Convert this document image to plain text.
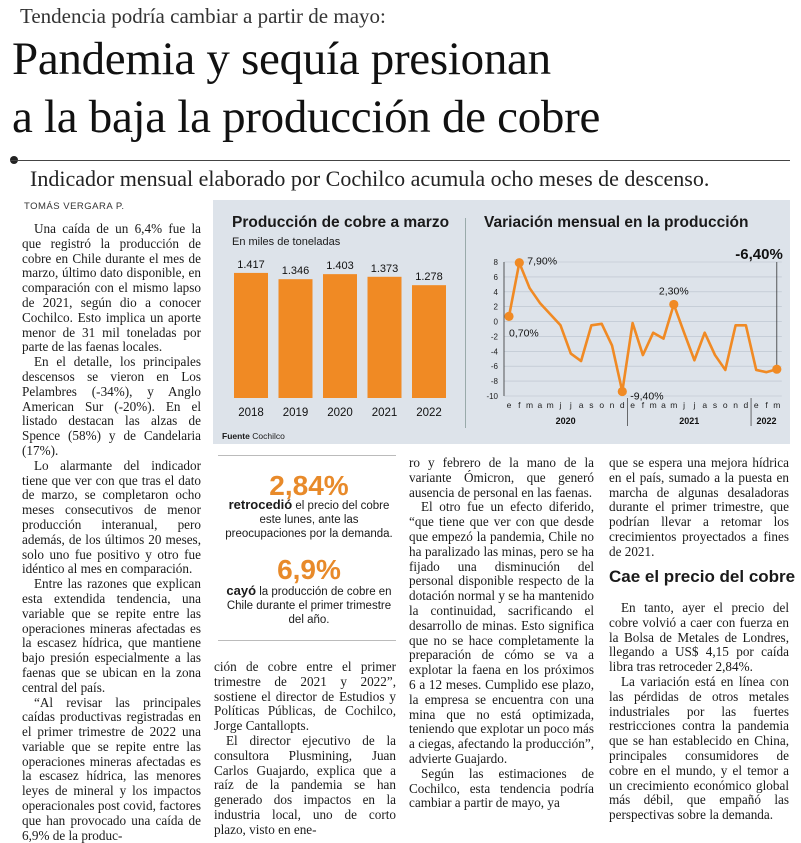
Tendencia podría cambiar a partir de mayo:
Pandemia y sequía presionan
a la baja la producción de cobre
Indicador mensual elaborado por Cochilco acumula ocho meses de descenso.
TOMÁS VERGARA P.

Una caída de un 6,4% fue la que registró la producción de cobre en Chile durante el mes de marzo, último dato disponible, en comparación con el mismo lapso de 2021, según dio a conocer Cochilco. Esto implica un aporte menor de 31 mil toneladas por parte de las faenas locales.

En el detalle, los principales descensos se vieron en Los Pelambres (-34%), y Anglo American Sur (-20%). En el listado destacan las alzas de Spence (58%) y de Candelaria (17%).

Lo alarmante del indicador tiene que ver con que tras el dato de marzo, se completaron ocho meses consecutivos de menor producción interanual, pero además, de los últimos 20 meses, solo uno fue positivo y otro fue idéntico al mes en comparación.

Entre las razones que explican esta extendida tendencia, una variable que se repite entre las operaciones mineras afectadas es la escasez hídrica, que mantiene bajo presión especialmente a las faenas que se ubican en la zona central del país.

“Al revisar las principales caídas productivas registradas en el primer trimestre de 2022 una variable que se repite entre las operaciones mineras afectadas es la escasez hídrica, las menores leyes de mineral y los impactos operacionales post covid, factores que han provocado una caída de 6,9% de la produc-

Producción de cobre a marzo
En miles de toneladas
Variación mensual en la producción
1.417
2018
1.346
2019
1.403
2020
1.373
2021
1.278
2022
8
6
4
2
0
-2
-4
-6
-8
-10
e f m a m j j a s o n d e f m a m j j a s o n d e f m
2020	2021	2022
0,70%
7,90%
-9,40%
2,30%
-6,40%
Fuente Cochilco
2,84%
retrocedió el precio del cobre este lunes, ante las preocupaciones por la demanda.
6,9%
cayó la producción de cobre en Chile durante el primer trimestre del año.

ción de cobre entre el primer trimestre de 2021 y 2022”, sostiene el director de Estudios y Políticas Públicas, de Cochilco, Jorge Cantallopts.

El director ejecutivo de la consultora Plusmining, Juan Carlos Guajardo, explica que a raíz de la pandemia se han generado dos impactos en la industria local, uno de corto plazo, visto en ene-

ro y febrero de la mano de la variante Ómicron, que generó ausencia de personal en las faenas.

El otro fue un efecto diferido, “que tiene que ver con que desde que empezó la pandemia, Chile no ha paralizado las minas, pero se ha fijado una disminución del personal disponible respecto de la dotación normal y se ha mantenido la continuidad, sacrificando el desarrollo de minas. Esto significa que no se hace completamente la preparación de cómo se va a explotar la faena en los próximos 6 a 12 meses. Cumplido ese plazo, la empresa se encuentra con una mina que no está optimizada, teniendo que explotar un poco más a ciegas, afectando la producción”, advierte Guajardo.

Según las estimaciones de Cochilco, esta tendencia podría cambiar a partir de mayo, ya

que se espera una mejora hídrica en el país, sumado a la puesta en marcha de algunas desaladoras durante el primer trimestre, que podrían llevar a retomar los crecimientos proyectados a fines de 2021.

Cae el precio del cobre

En tanto, ayer el precio del cobre volvió a caer con fuerza en la Bolsa de Metales de Londres, llegando a US$ 4,15 por caída libra tras retroceder 2,84%.

La variación está en línea con las pérdidas de otros metales industriales por las fuertes restricciones contra la pandemia que se han establecido en China, principales consumidores de cobre en el mundo, y el temor a un crecimiento económico global más débil, que empañó las perspectivas sobre la demanda.
